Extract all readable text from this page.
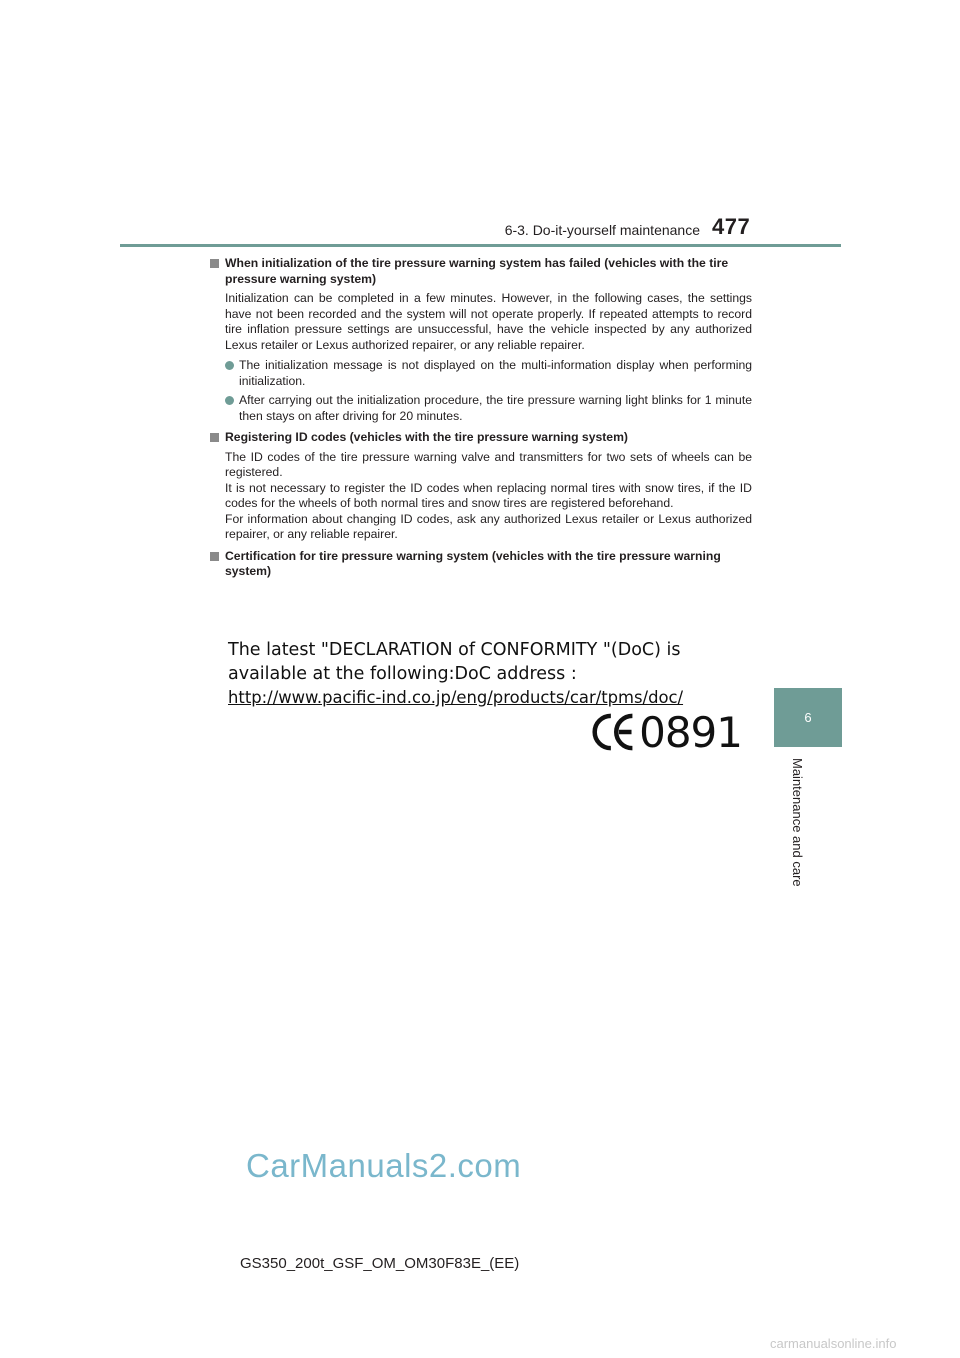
6-3. Do-it-yourself maintenance 477
6
Maintenance and care
When initialization of the tire pressure warning system has failed (vehicles with the tire pressure warning system)

Initialization can be completed in a few minutes. However, in the following cases, the settings have not been recorded and the system will not operate properly. If repeated attempts to record tire inflation pressure settings are unsuccessful, have the vehicle inspected by any authorized Lexus retailer or Lexus authorized repairer, or any reliable repairer.

The initialization message is not displayed on the multi-information display when performing initialization.
After carrying out the initialization procedure, the tire pressure warning light blinks for 1 minute then stays on after driving for 20 minutes.
Registering ID codes (vehicles with the tire pressure warning system)

The ID codes of the tire pressure warning valve and transmitters for two sets of wheels can be registered.

It is not necessary to register the ID codes when replacing normal tires with snow tires, if the ID codes for the wheels of both normal tires and snow tires are registered beforehand.

For information about changing ID codes, ask any authorized Lexus retailer or Lexus authorized repairer, or any reliable repairer.

Certification for tire pressure warning system (vehicles with the tire pressure warning system)
The latest "DECLARATION of CONFORMITY "(DoC) is
available at the following:DoC address :
http://www.pacific-ind.co.jp/eng/products/car/tpms/doc/
0891
CarManuals2.com
GS350_200t_GSF_OM_OM30F83E_(EE)
carmanualsonline.info
